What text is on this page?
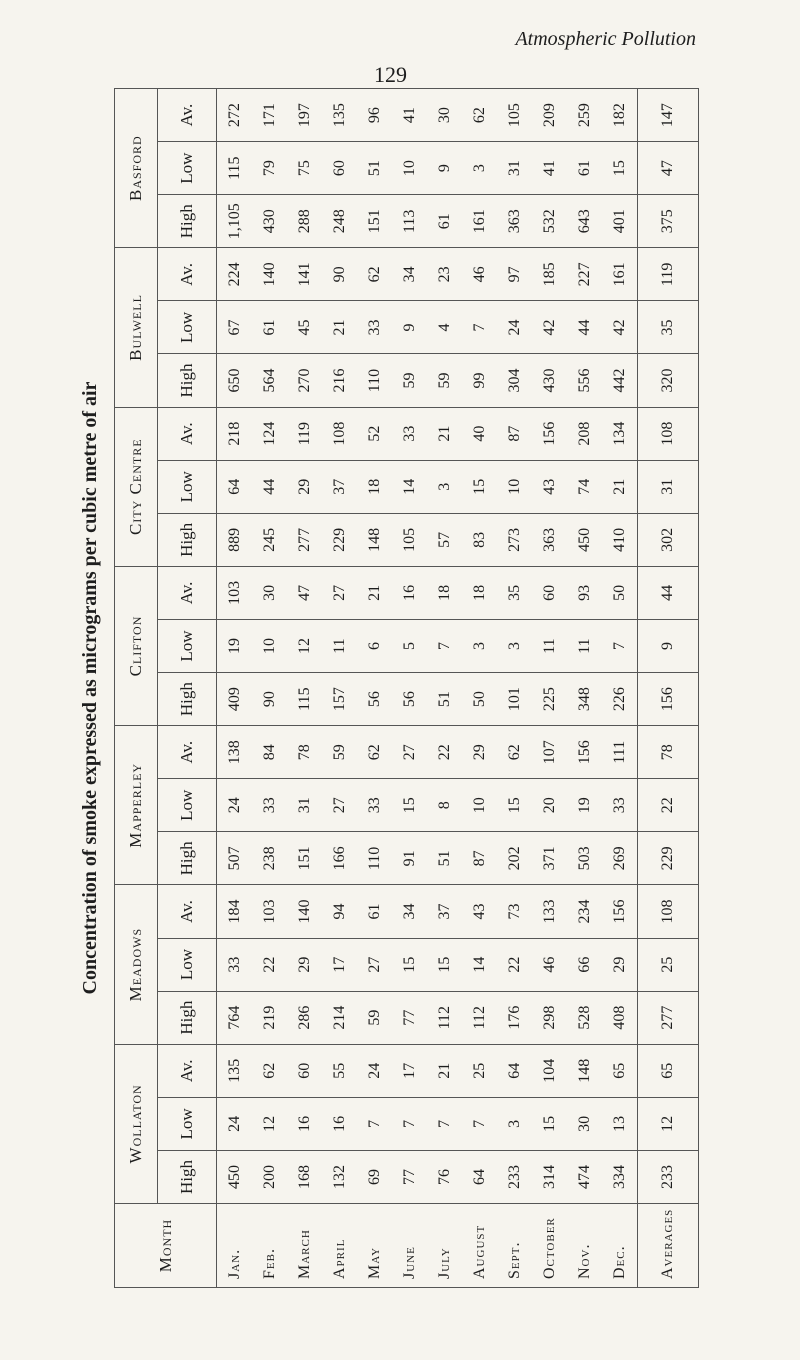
Atmospheric Pollution
129
Concentration of smoke expressed as micrograms per cubic metre of air
Month	Wollaton			Meadows			Mapperley			Clifton			City Centre			Bulwell			Basford		
	High	Low	Av.	High	Low	Av.	High	Low	Av.	High	Low	Av.	High	Low	Av.	High	Low	Av.	High	Low	Av.
Jan.	450	24	135	764	33	184	507	24	138	409	19	103	889	64	218	650	67	224	1,105	115	272
Feb.	200	12	62	219	22	103	238	33	84	90	10	30	245	44	124	564	61	140	430	79	171
March	168	16	60	286	29	140	151	31	78	115	12	47	277	29	119	270	45	141	288	75	197
April	132	16	55	214	17	94	166	27	59	157	11	27	229	37	108	216	21	90	248	60	135
May	69	7	24	59	27	61	110	33	62	56	6	21	148	18	52	110	33	62	151	51	96
June	77	7	17	77	15	34	91	15	27	56	5	16	105	14	33	59	9	34	113	10	41
July	76	7	21	112	15	37	51	8	22	51	7	18	57	3	21	59	4	23	61	9	30
August	64	7	25	112	14	43	87	10	29	50	3	18	83	15	40	99	7	46	161	3	62
Sept.	233	3	64	176	22	73	202	15	62	101	3	35	273	10	87	304	24	97	363	31	105
October	314	15	104	298	46	133	371	20	107	225	11	60	363	43	156	430	42	185	532	41	209
Nov.	474	30	148	528	66	234	503	19	156	348	11	93	450	74	208	556	44	227	643	61	259
Dec.	334	13	65	408	29	156	269	33	111	226	7	50	410	21	134	442	42	161	401	15	182
Averages	233	12	65	277	25	108	229	22	78	156	9	44	302	31	108	320	35	119	375	47	147
